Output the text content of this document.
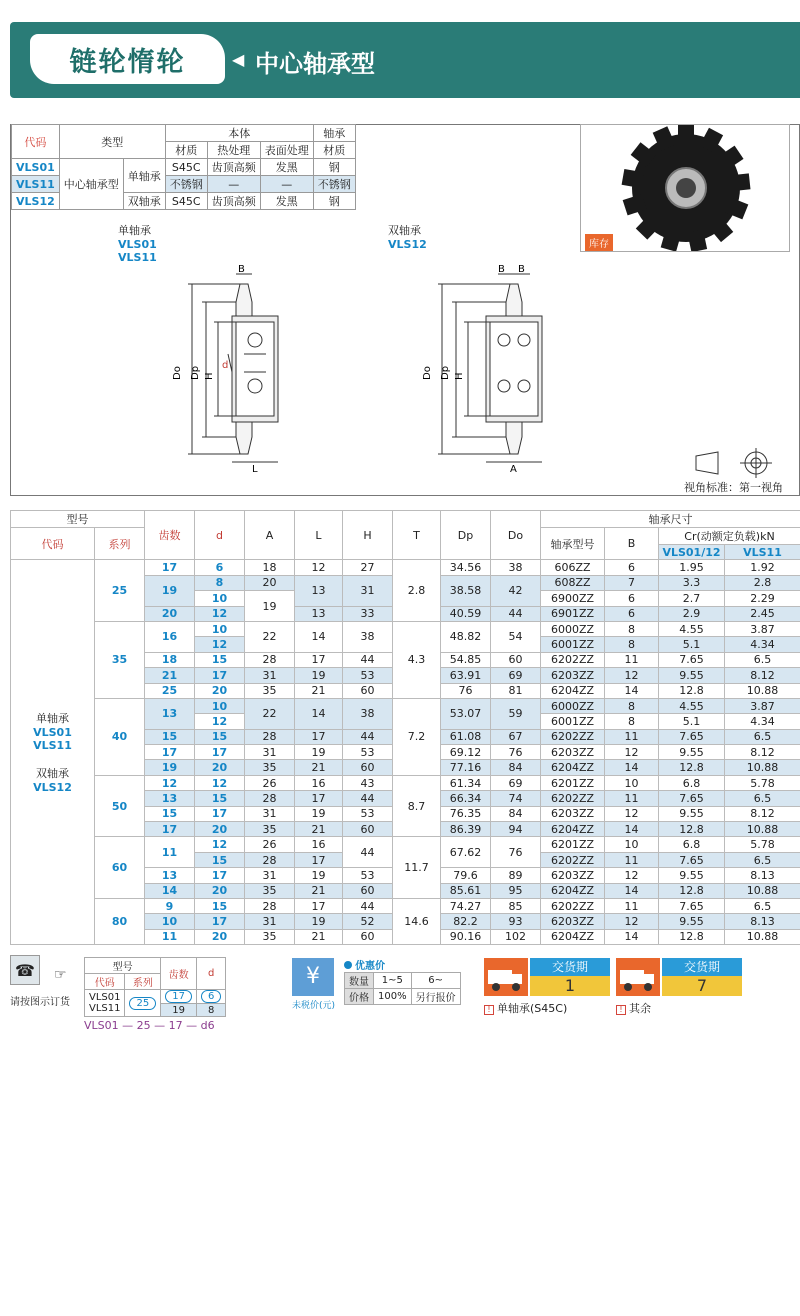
链轮惰轮	◀ 中心轴承型
代码	类型		本体			轴承
			材质	热处理	表面处理	材质
VLS01	中心轴承型	单轴承	S45C	齿顶高频	发黑	钢
VLS11			不锈钢	—	—	不锈钢
VLS12		双轴承	S45C	齿顶高频	发黑	钢
库存
单轴承
VLS01
VLS11
双轴承
VLS12
B
Do Dp H
d
L
B B
Do Dp H
A
视角标准：第一视角
型号		齿数	d	A	L	H	T	Dp	Do	轴承尺寸			
代码	系列									轴承型号	B	Cr(动额定负载)kN	
												VLS01/12	VLS11

单轴承
VLS01
VLS11

双轴承
VLS12	25	17	6	18	12	27	2.8	34.56	38	606ZZ	6	1.95	1.92
		19	8	20	13	31		38.58	42	608ZZ	7	3.3	2.8
			10	19						6900ZZ	6	2.7	2.29
		20	12		13	33		40.59	44	6901ZZ	6	2.9	2.45
	35	16	10	22	14	38	4.3	48.82	54	6000ZZ	8	4.55	3.87
			12							6001ZZ	8	5.1	4.34
		18	15	28	17	44		54.85	60	6202ZZ	11	7.65	6.5
		21	17	31	19	53		63.91	69	6203ZZ	12	9.55	8.12
		25	20	35	21	60		76	81	6204ZZ	14	12.8	10.88
	40	13	10	22	14	38	7.2	53.07	59	6000ZZ	8	4.55	3.87
			12							6001ZZ	8	5.1	4.34
		15	15	28	17	44		61.08	67	6202ZZ	11	7.65	6.5
		17	17	31	19	53		69.12	76	6203ZZ	12	9.55	8.12
		19	20	35	21	60		77.16	84	6204ZZ	14	12.8	10.88
	50	12	12	26	16	43	8.7	61.34	69	6201ZZ	10	6.8	5.78
		13	15	28	17	44		66.34	74	6202ZZ	11	7.65	6.5
		15	17	31	19	53		76.35	84	6203ZZ	12	9.55	8.12
		17	20	35	21	60		86.39	94	6204ZZ	14	12.8	10.88
	60	11	12	26	16	44	11.7	67.62	76	6201ZZ	10	6.8	5.78
			15	28	17					6202ZZ	11	7.65	6.5
		13	17	31	19	53		79.6	89	6203ZZ	12	9.55	8.13
		14	20	35	21	60		85.61	95	6204ZZ	14	12.8	10.88
	80	9	15	28	17	44	14.6	74.27	85	6202ZZ	11	7.65	6.5
		10	17	31	19	52		82.2	93	6203ZZ	12	9.55	8.13
		11	20	35	21	60		90.16	102	6204ZZ	14	12.8	10.88
☎	☞
请按图示订货
型号		齿数	d
代码	系列		

VLS01
VLS11	25	17	6
		19	8
VLS01 — 25 — 17 — d6
¥
未税价(元)
优惠价
数量	1~5	6~
价格	100%	另行报价
交货期
1
! 单轴承(S45C)
交货期
7
! 其余
